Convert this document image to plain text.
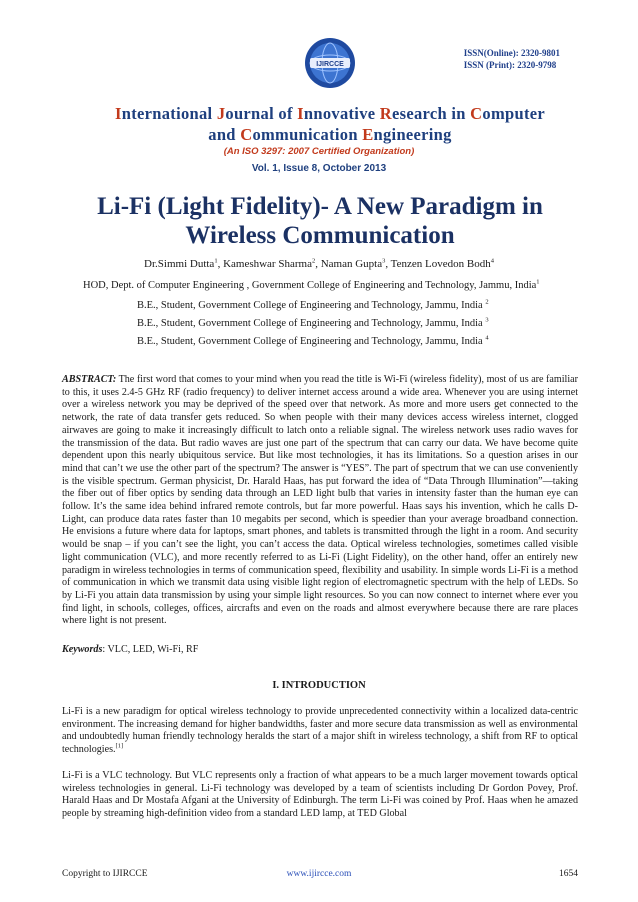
IJIRCCE
ISSN(Online): 2320-9801
ISSN (Print): 2320-9798
International Journal of Innovative Research in Computer
and Communication Engineering
(An ISO 3297: 2007 Certified Organization)
Vol. 1, Issue 8, October 2013
Li-Fi (Light Fidelity)- A New Paradigm in
Wireless Communication
Dr.Simmi Dutta$^1$, Kameshwar Sharma$^2$, Naman Gupta$^3$, Tenzen Lovedon Bodh$^4$
HOD, Dept. of Computer Engineering , Government College of Engineering and Technology, Jammu, India$^1$
B.E., Student, Government College of Engineering and Technology, Jammu, India $^2$
B.E., Student, Government College of Engineering and Technology, Jammu, India $^3$
B.E., Student, Government College of Engineering and Technology, Jammu, India $^4$
ABSTRACT: The first word that comes to your mind when you read the title is Wi-Fi (wireless fidelity), most of us are familiar to this, it uses 2.4-5 GHz RF (radio frequency) to deliver internet access around a wide area. Whenever you are using internet over a wireless network you may be deprived of the speed over that network. As more and more users get connected to the network, the rate of data transfer gets reduced. So when people with their many devices access wireless internet, clogged airwaves are going to make it increasingly difficult to latch onto a reliable signal. The wireless network uses radio waves for the transmission of the data. But radio waves are just one part of the spectrum that can carry our data. We have become quite dependent upon this nearly ubiquitous service. But like most technologies, it has its limitations. So a question arises in our mind that can’t we use the other part of the spectrum? The answer is “YES”. The part of spectrum that we can use conveniently is the visible spectrum. German physicist, Dr. Harald Haas, has put forward the idea of “Data Through Illumination”—taking the fiber out of fiber optics by sending data through an LED light bulb that varies in intensity faster than the human eye can follow. It’s the same idea behind infrared remote controls, but far more powerful. Haas says his invention, which he calls D-Light, can produce data rates faster than 10 megabits per second, which is speedier than your average broadband connection. He envisions a future where data for laptops, smart phones, and tablets is transmitted through the light in a room. And security would be snap – if you can’t see the light, you can’t access the data. Optical wireless technologies, sometimes called visible light communication (VLC), and more recently referred to as Li-Fi (Light Fidelity), on the other hand, offer an entirely new paradigm in wireless technologies in terms of communication speed, flexibility and usability. In simple words Li-Fi is a method of communication in which we transmit data using visible light region of electromagnetic spectrum with the help of LEDs. So by Li-Fi you attain data transmission by using your simple light resources. So you can now connect to internet where ever you find light, in schools, colleges, offices, aircrafts and even on the roads and almost everywhere because there are rare places where light is not present.
Keywords: VLC, LED, Wi-Fi, RF
I. INTRODUCTION
Li-Fi is a new paradigm for optical wireless technology to provide unprecedented connectivity within a localized data-centric environment. The increasing demand for higher bandwidths, faster and more secure data transmission as well as environmental and undoubtedly human friendly technology heralds the start of a major shift in wireless technology, a shift from RF to optical technologies.[1]
Li-Fi is a VLC technology. But VLC represents only a fraction of what appears to be a much larger movement towards optical wireless technologies in general. Li-Fi technology was developed by a team of scientists including Dr Gordon Povey, Prof. Harald Haas and Dr Mostafa Afgani at the University of Edinburgh. The term Li-Fi was coined by Prof. Haas when he amazed people by streaming high-definition video from a standard LED lamp, at TED Global
Copyright to IJIRCCE	www.ijircce.com	1654
